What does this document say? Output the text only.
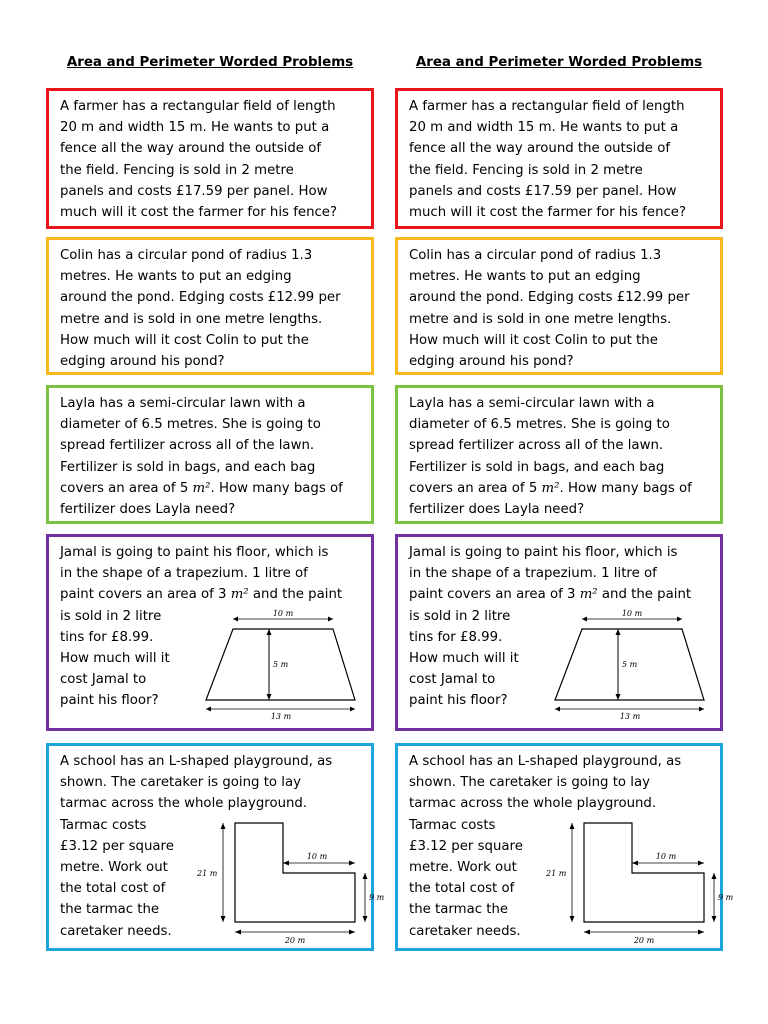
Area and Perimeter Worded Problems

A farmer has a rectangular field of length

20 m and width 15 m. He wants to put a

fence all the way around the outside of

the field. Fencing is sold in 2 metre

panels and costs £17.59 per panel. How

much will it cost the farmer for his fence?

Colin has a circular pond of radius 1.3

metres. He wants to put an edging

around the pond. Edging costs £12.99 per

metre and is sold in one metre lengths.

How much will it cost Colin to put the

edging around his pond?

Layla has a semi-circular lawn with a

diameter of 6.5 metres. She is going to

spread fertilizer across all of the lawn.

Fertilizer is sold in bags, and each bag

covers an area of 5 m². How many bags of

fertilizer does Layla need?

Jamal is going to paint his floor, which is

in the shape of a trapezium. 1 litre of

paint covers an area of 3 m² and the paint

is sold in 2 litre

tins for £8.99.

How much will it

cost Jamal to

paint his floor?

10 m
5 m
13 m

A school has an L-shaped playground, as

shown. The caretaker is going to lay

tarmac across the whole playground.

Tarmac costs

£3.12 per square

metre. Work out

the total cost of

the tarmac the

caretaker needs.

21 m
10 m
9 m
20 m
Area and Perimeter Worded Problems

A farmer has a rectangular field of length

20 m and width 15 m. He wants to put a

fence all the way around the outside of

the field. Fencing is sold in 2 metre

panels and costs £17.59 per panel. How

much will it cost the farmer for his fence?

Colin has a circular pond of radius 1.3

metres. He wants to put an edging

around the pond. Edging costs £12.99 per

metre and is sold in one metre lengths.

How much will it cost Colin to put the

edging around his pond?

Layla has a semi-circular lawn with a

diameter of 6.5 metres. She is going to

spread fertilizer across all of the lawn.

Fertilizer is sold in bags, and each bag

covers an area of 5 m². How many bags of

fertilizer does Layla need?

Jamal is going to paint his floor, which is

in the shape of a trapezium. 1 litre of

paint covers an area of 3 m² and the paint

is sold in 2 litre

tins for £8.99.

How much will it

cost Jamal to

paint his floor?

10 m
5 m
13 m

A school has an L-shaped playground, as

shown. The caretaker is going to lay

tarmac across the whole playground.

Tarmac costs

£3.12 per square

metre. Work out

the total cost of

the tarmac the

caretaker needs.

21 m
10 m
9 m
20 m
